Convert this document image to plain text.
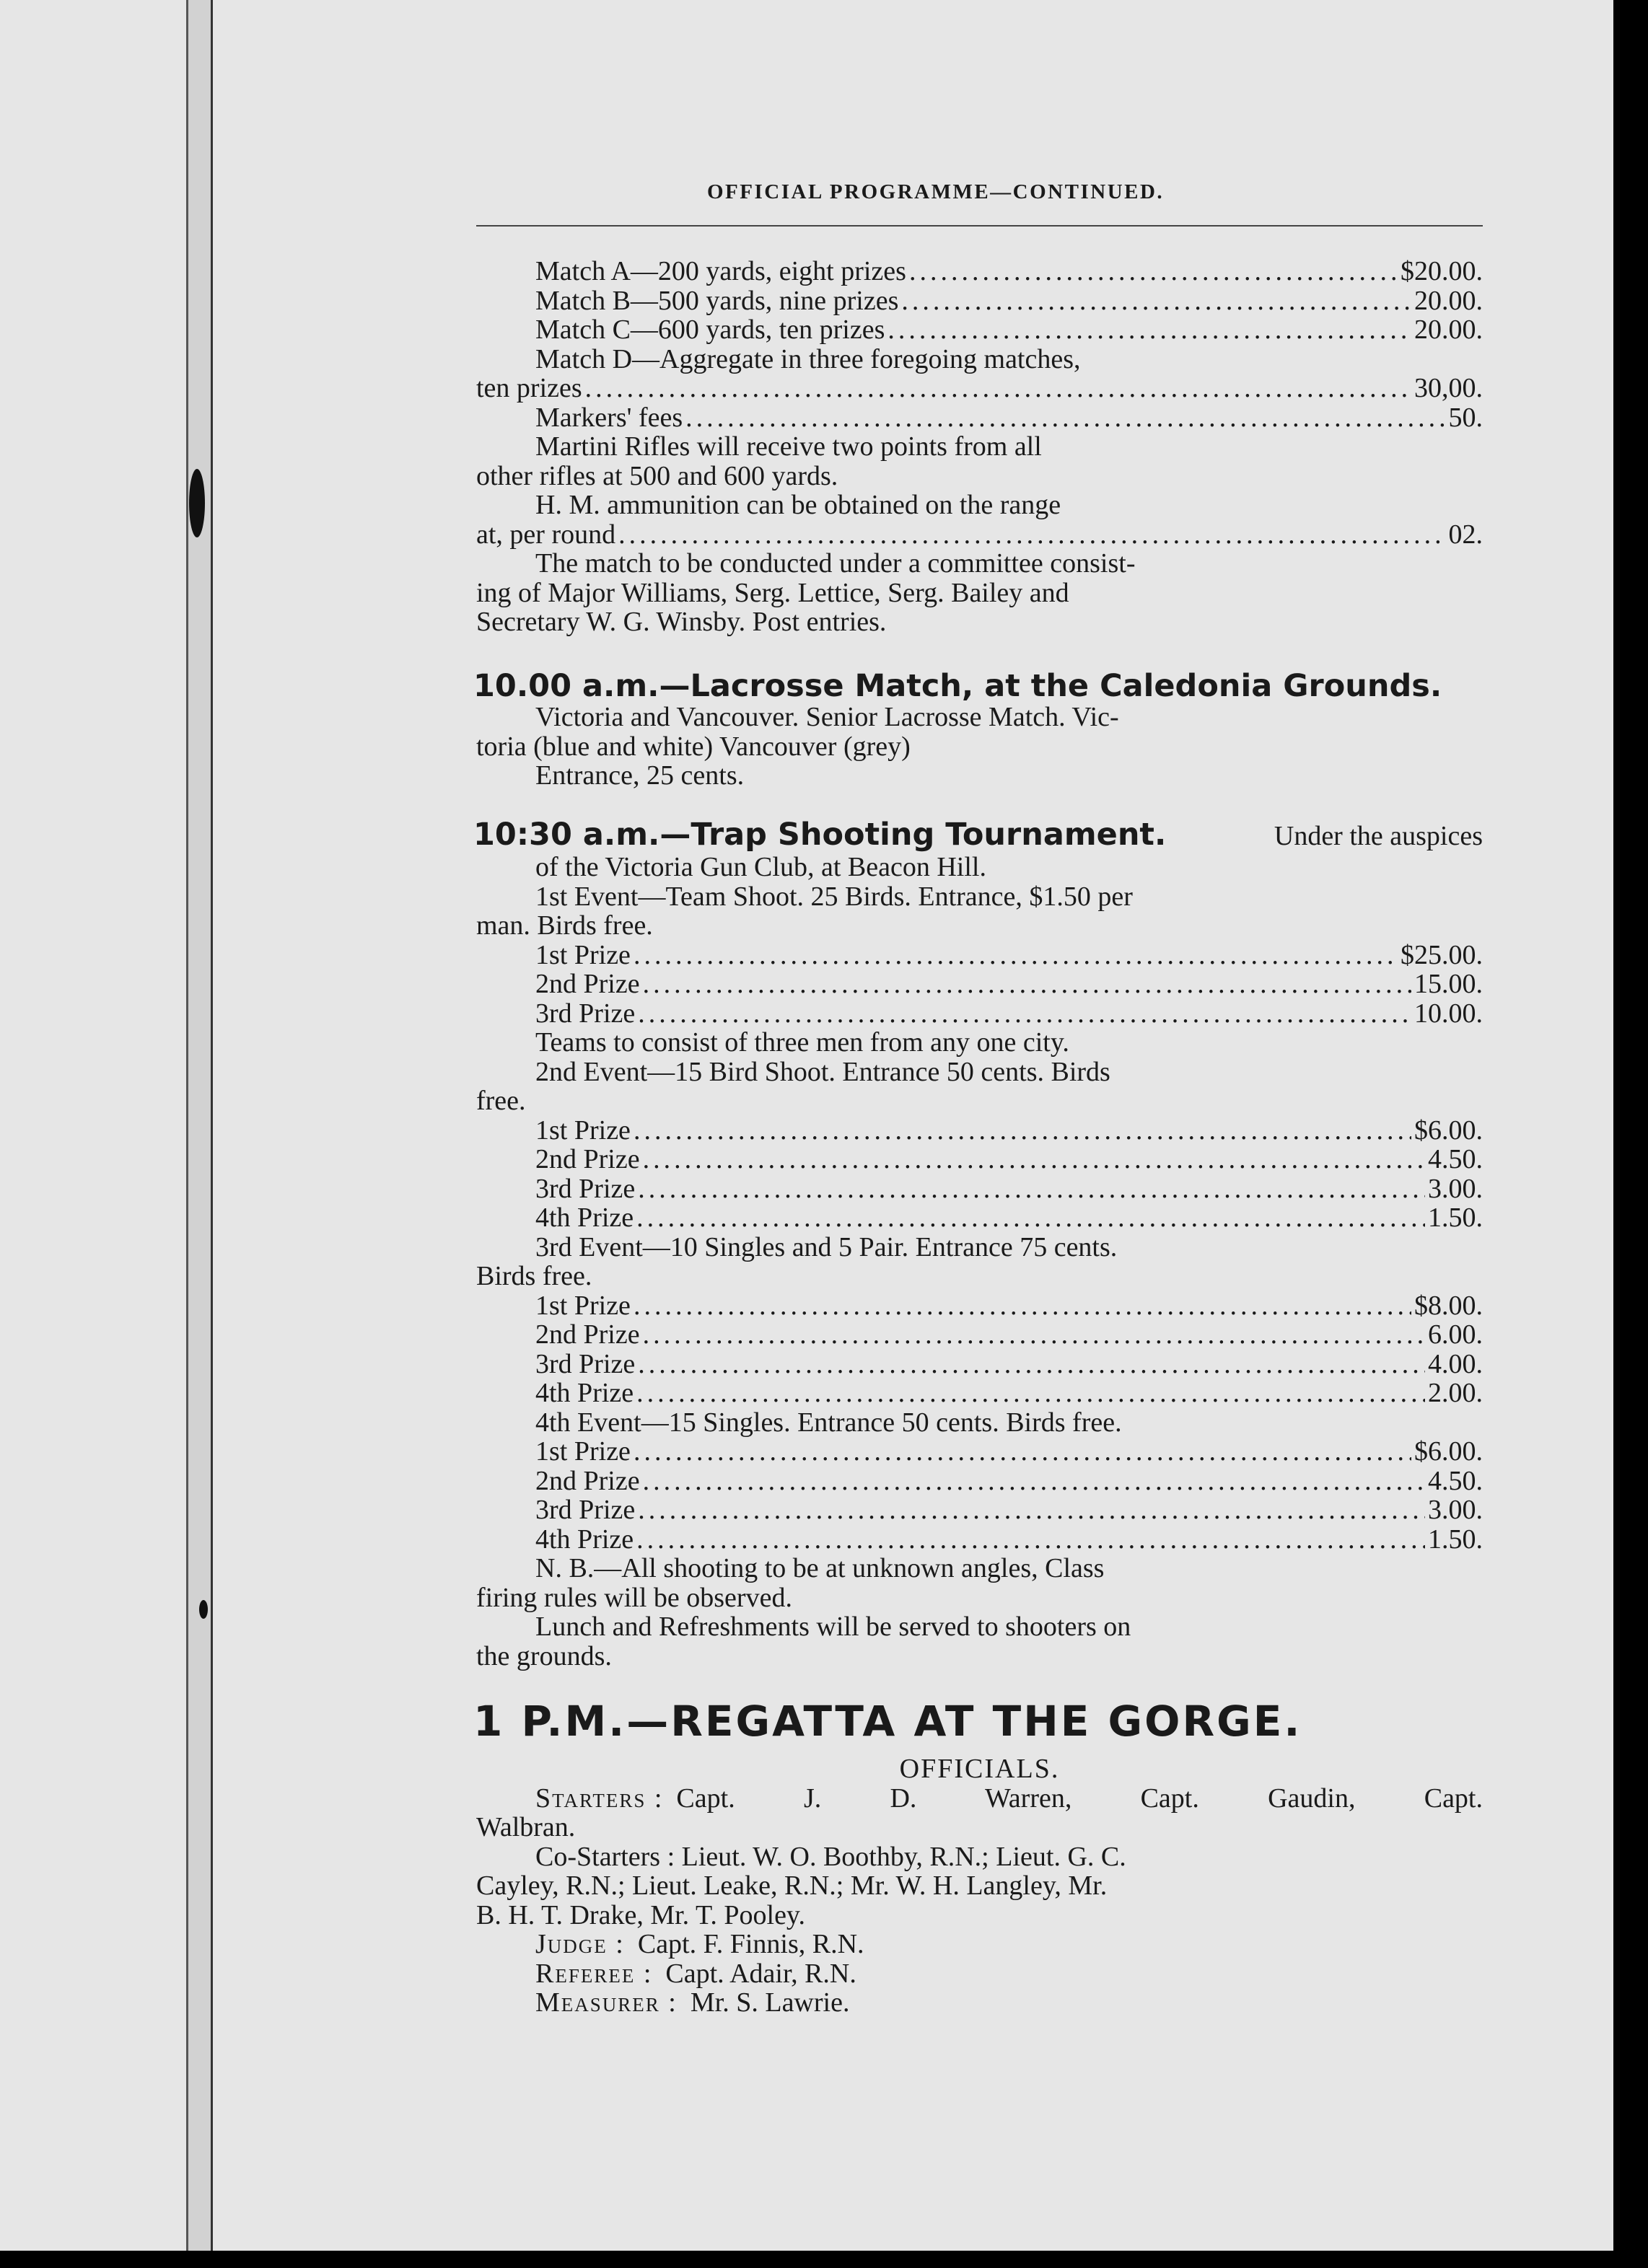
OFFICIAL PROGRAMME—CONTINUED.
Match A—200 yards, eight prizes .....	$20.00.
Match B—500 yards, nine prizes .....	20.00.
Match C—600 yards, ten prizes .....	20.00.
Match D—Aggregate in three foregoing matches,
ten prizes .....	30,00.
Markers' fees .....	50.
Martini Rifles will receive two points from all
other rifles at 500 and 600 yards.
H. M. ammunition can be obtained on the range
at, per round .....	02.
The match to be conducted under a committee consist-
ing of Major Williams, Serg. Lettice, Serg. Bailey and
Secretary W. G. Winsby. Post entries.
10.00 a.m.—Lacrosse Match, at the Caledonia Grounds.
Victoria and Vancouver. Senior Lacrosse Match. Vic-
toria (blue and white) Vancouver (grey)
Entrance, 25 cents.
10:30 a.m.—Trap Shooting Tournament.	Under the auspices
of the Victoria Gun Club, at Beacon Hill.
1st Event—Team Shoot. 25 Birds. Entrance, $1.50 per
man. Birds free.
1st Prize .....	$25.00.
2nd Prize .....	15.00.
3rd Prize .....	10.00.
Teams to consist of three men from any one city.
2nd Event—15 Bird Shoot. Entrance 50 cents. Birds
free.
1st Prize .....	$6.00.
2nd Prize .....	4.50.
3rd Prize .....	3.00.
4th Prize .....	1.50.
3rd Event—10 Singles and 5 Pair. Entrance 75 cents.
Birds free.
1st Prize .....	$8.00.
2nd Prize .....	6.00.
3rd Prize .....	4.00.
4th Prize .....	2.00.
4th Event—15 Singles. Entrance 50 cents. Birds free.
1st Prize .....	$6.00.
2nd Prize .....	4.50.
3rd Prize .....	3.00.
4th Prize .....	1.50.
N. B.—All shooting to be at unknown angles, Class
firing rules will be observed.
Lunch and Refreshments will be served to shooters on
the grounds.
1 P.M.—REGATTA AT THE GORGE.
OFFICIALS.
Starters : Capt. J. D. Warren, Capt. Gaudin, Capt.
Walbran.
Co-Starters : Lieut. W. O. Boothby, R.N.; Lieut. G. C.
Cayley, R.N.; Lieut. Leake, R.N.; Mr. W. H. Langley, Mr.
B. H. T. Drake, Mr. T. Pooley.
Judge : Capt. F. Finnis, R.N.
Referee : Capt. Adair, R.N.
Measurer : Mr. S. Lawrie.
